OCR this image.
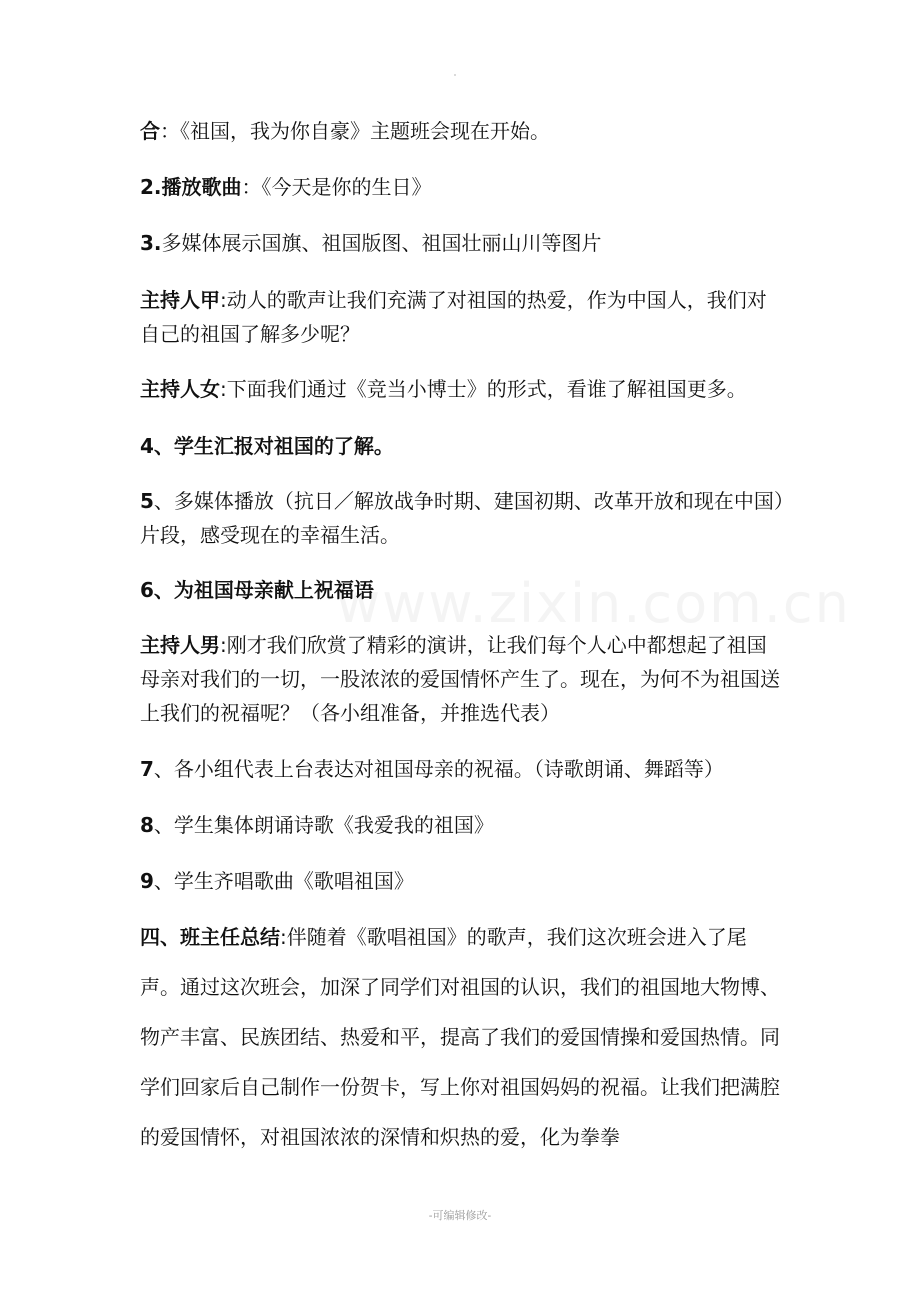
www.zixin.com.cn
合：《祖国，我为你自豪》主题班会现在开始。
2.播放歌曲：《今天是你的生日》
3.多媒体展示国旗、祖国版图、祖国壮丽山川等图片
主持人甲:动人的歌声让我们充满了对祖国的热爱，作为中国人，我们对自己的祖国了解多少呢？
主持人女:下面我们通过《竞当小博士》的形式，看谁了解祖国更多。
4、学生汇报对祖国的了解。
5、多媒体播放（抗日／解放战争时期、建国初期、改革开放和现在中国）片段，感受现在的幸福生活。
6、为祖国母亲献上祝福语
主持人男:刚才我们欣赏了精彩的演讲，让我们每个人心中都想起了祖国母亲对我们的一切，一股浓浓的爱国情怀产生了。现在，为何不为祖国送上我们的祝福呢？（各小组准备，并推选代表）
7、各小组代表上台表达对祖国母亲的祝福。（诗歌朗诵、舞蹈等）
8、学生集体朗诵诗歌《我爱我的祖国》
9、学生齐唱歌曲《歌唱祖国》
四、班主任总结:伴随着《歌唱祖国》的歌声，我们这次班会进入了尾声。通过这次班会，加深了同学们对祖国的认识，我们的祖国地大物博、物产丰富、民族团结、热爱和平，提高了我们的爱国情操和爱国热情。同学们回家后自己制作一份贺卡，写上你对祖国妈妈的祝福。让我们把满腔的爱国情怀，对祖国浓浓的深情和炽热的爱，化为拳拳
-可编辑修改-
